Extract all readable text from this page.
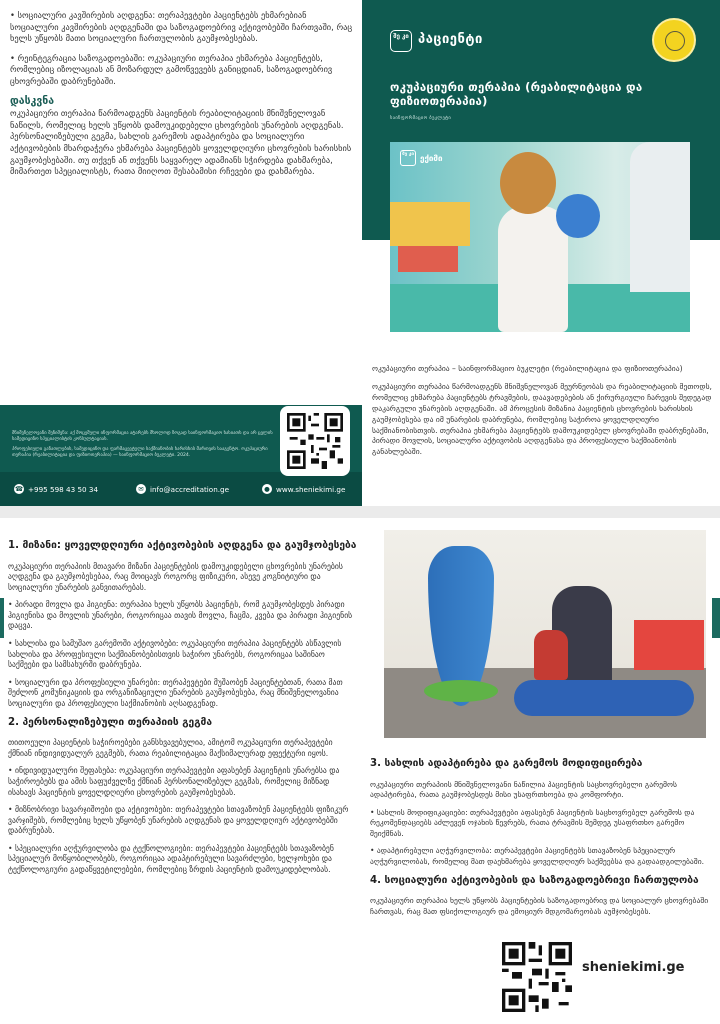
• სოციალური კავშირების აღდგენა: თერაპევტები პაციენტებს ეხმარებიან სოციალური კავშირების აღდგენაში და საზოგადოებრივ აქტივობებში ჩართვაში, რაც ხელს უწყობს მათი სოციალური ჩართულობის გაუმჯობესებას.

• რეინტეგრაცია საზოგადოებაში: ოკუპაციური თერაპია ეხმარება პაციენტებს, რომლებიც იზოლაციას ან მოზარდულ გამოწვევებს განიცდიან, საზოგადოებრივ ცხოვრებაში დაბრუნებაში.

დასკვნა

ოკუპაციური თერაპია წარმოადგენს პაციენტის რეაბილიტაციის მნიშვნელოვან ნაწილს, რომელიც ხელს უწყობს დამოუკიდებელი ცხოვრების უნარების აღდგენას. პერსონალიზებული გეგმა, სახლის გარემოს ადაპტირება და სოციალური აქტივობების მხარდაჭერა ეხმარება პაციენტებს ყოველდღიური ცხოვრების ხარისხის გაუმჯობესებაში. თუ თქვენ ან თქვენს საყვარელ ადამიანს სჭირდება დახმარება, მიმართეთ სპეციალისტს, რათა მიიღოთ შესაბამისი რჩევები და დახმარება.

მნიშვნელოვანი შენიშვნა: აქ მოცემული ინფორმაცია ატარებს მხოლოდ ზოგად საინფორმაციო ხასიათს და არ ცვლის სამედიცინო სპეციალისტის კონსულტაციას.

პროფესიული განათლების, სამედიცინო და ფარმაცევტული საქმიანობის ხარისხის მართვის სააგენტო. ოკუპაციური თერაპია (რეაბილიტაცია და ფიზიოთერაპია) — საინფორმაციო ბუკლეტი. 2024.

☎ +995 598 43 50 34	✉ info@accreditation.ge	● www.sheniekimi.ge
შე კი პაციენტი
ოკუპაციური თერაპია (რეაბილიტაცია და ფიზიოთერაპია)
საინფორმაციო ბუკლეტი
შე კი ექიმი

ოკუპაციური თერაპია – საინფორმაციო ბუკლეტი (რეაბილიტაცია და ფიზიოთერაპია)

ოკუპაციური თერაპია წარმოადგენს მნიშვნელოვან მეურნეობას და რეაბილიტაციის მეთოდს, რომელიც ეხმარება პაციენტებს ტრავმების, დაავადებების ან ქირურგიული ჩარევის შედეგად დაკარგული უნარების აღდგენაში. ამ პროცესის მიზანია პაციენტის ცხოვრების ხარისხის გაუმჯობესება და იმ უნარების დაბრუნება, რომლებიც საჭიროა ყოველდღიური საქმიანობისთვის. თერაპია ეხმარება პაციენტებს დამოუკიდებელ ცხოვრებაში დაბრუნებაში, პირადი მოვლის, სოციალური აქტივობის აღდგენასა და პროფესიული საქმიანობის განახლებაში.

1. მიზანი: ყოველდღიური აქტივობების აღდგენა და გაუმჯობესება

ოკუპაციური თერაპიის მთავარი მიზანი პაციენტების დამოუკიდებელი ცხოვრების უნარების აღდგენა და გაუმჯობესებაა, რაც მოიცავს როგორც ფიზიკური, ასევე კოგნიტიური და სოციალური უნარების განვითარებას.

• პირადი მოვლა და ჰიგიენა: თერაპია ხელს უწყობს პაციენტს, რომ გაუმჯობესდეს პირადი ჰიგიენისა და მოვლის უნარები, როგორიცაა თავის მოვლა, ჩაცმა, კვება და პირადი ჰიგიენის დაცვა.

• სახლისა და სამუშაო გარემოში აქტივობები: ოკუპაციური თერაპია პაციენტებს ასწავლის სახლისა და პროფესიული საქმიანობებისთვის საჭირო უნარებს, როგორიცაა საშინაო საქმეები და სამსახურში დაბრუნება.

• სოციალური და პროფესიული უნარები: თერაპევტები მუშაობენ პაციენტებთან, რათა მათ შეძლონ კომუნიკაციის და ორგანიზაციული უნარების გაუმჯობესება, რაც მნიშვნელოვანია სოციალური და პროფესიული საქმიანობის აღსადგენად.

2. პერსონალიზებული თერაპიის გეგმა

თითოეული პაციენტის საჭიროებები განსხვავებულია, ამიტომ ოკუპაციური თერაპევტები ქმნიან ინდივიდუალურ გეგმებს, რათა რეაბილიტაცია მაქსიმალურად ეფექტური იყოს.

• ინდივიდუალური შეფასება: ოკუპაციური თერაპევტები აფასებენ პაციენტის უნარებსა და საჭიროებებს და ამის საფუძველზე ქმნიან პერსონალიზებულ გეგმას, რომელიც მიზნად ისახავს პაციენტის ყოველდღიური ცხოვრების გაუმჯობესებას.

• მიზნობრივი სავარჯიშოები და აქტივობები: თერაპევტები სთავაზობენ პაციენტებს ფიზიკურ ვარჯიშებს, რომლებიც ხელს უწყობენ უნარების აღდგენას და ყოველდღიურ აქტივობებში დაბრუნებას.

• სპეციალური აღჭურვილობა და ტექნოლოგიები: თერაპევტები პაციენტებს სთავაზობენ სპეციალურ მოწყობილობებს, როგორიცაა ადაპტირებული სავარძლები, ხელჯოხები და ტექნოლოგიური გადაწყვეტილებები, რომლებიც ზრდის პაციენტის დამოუკიდებლობას.

3. სახლის ადაპტირება და გარემოს მოდიფიცირება

ოკუპაციური თერაპიის მნიშვნელოვანი ნაწილია პაციენტის საცხოვრებელი გარემოს ადაპტირება, რათა გაუმჯობესდეს მისი უსაფრთხოება და კომფორტი.

• სახლის მოდიფიკაციები: თერაპევტები აფასებენ პაციენტის საცხოვრებელ გარემოს და რეკომენდაციებს აძლევენ ოჯახის წევრებს, რათა ტრავმის შემდეგ უსაფრთხო გარემო შეიქმნას.

• ადაპტირებული აღჭურვილობა: თერაპევტები პაციენტებს სთავაზობენ სპეციალურ აღჭურვილობას, რომელიც მათ დაეხმარება ყოველდღიურ საქმეებსა და გადაადგილებაში.

4. სოციალური აქტივობების და საზოგადოებრივი ჩართულობა

ოკუპაციური თერაპია ხელს უწყობს პაციენტების საზოგადოებრივ და სოციალურ ცხოვრებაში ჩართვას, რაც მათ ფსიქოლოგიურ და ემოციურ მდგომარეობას აუმჯობესებს.

sheniekimi.ge
